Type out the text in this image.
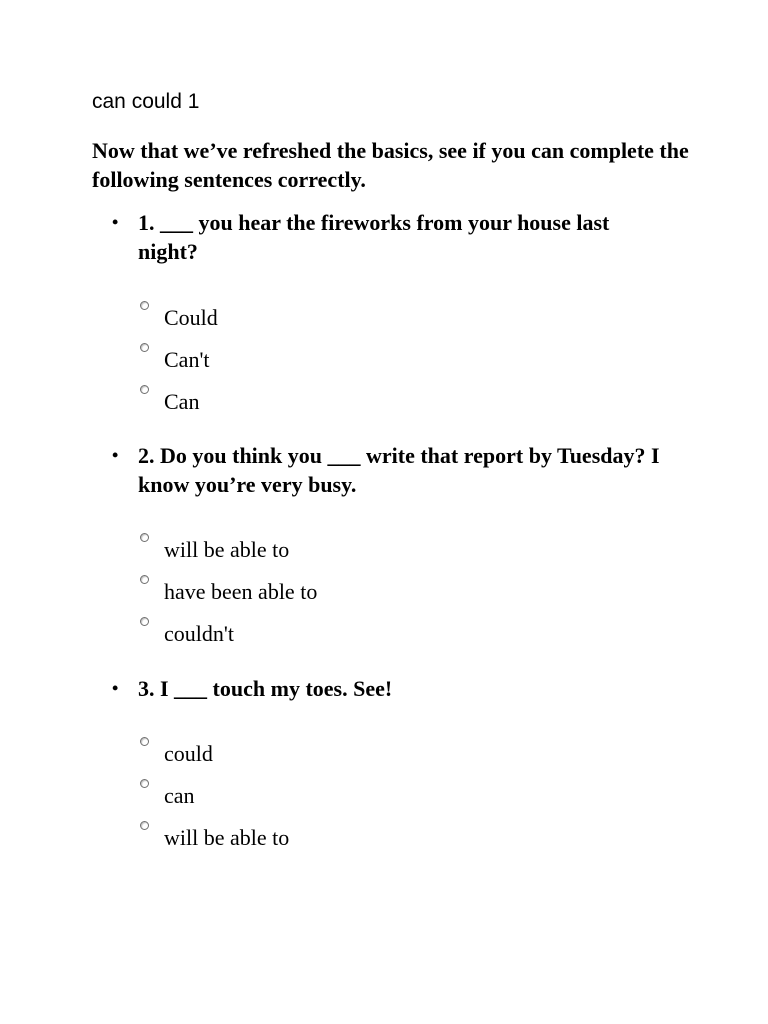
can could 1
Now that we’ve refreshed the basics, see if you can complete the following sentences correctly.
• 1. ___ you hear the fireworks from your house last night?
Could
Can't
Can
• 2. Do you think you ___ write that report by Tuesday? I know you’re very busy.
will be able to
have been able to
couldn't
• 3. I ___ touch my toes. See!
could
can
will be able to
